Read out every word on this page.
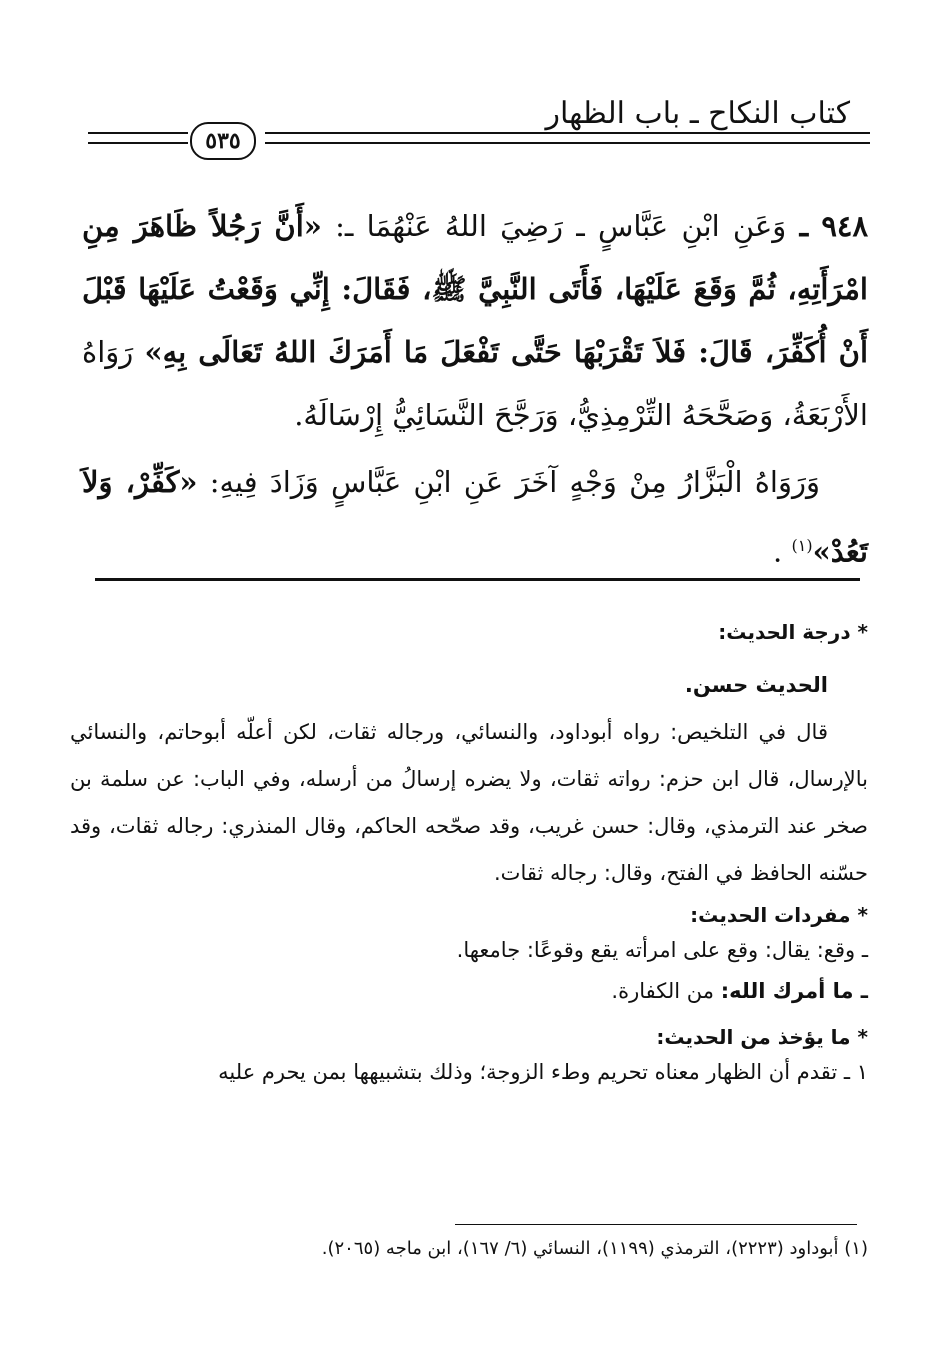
كتاب النكاح ـ باب الظهار
٥٣٥

٩٤٨ ـ وَعَنِ ابْنِ عَبَّاسٍ ـ رَضِيَ اللهُ عَنْهُمَا ـ: «أَنَّ رَجُلاً ظَاهَرَ مِنِ امْرَأَتِهِ، ثُمَّ وَقَعَ عَلَيْهَا، فَأَتَى النَّبِيَّ ﷺ، فَقَالَ: إِنِّي وَقَعْتُ عَلَيْهَا قَبْلَ أَنْ أُكَفِّرَ، قَالَ: فَلاَ تَقْرَبْهَا حَتَّى تَفْعَلَ مَا أَمَرَكَ اللهُ تَعَالَى بِهِ» رَوَاهُ الأَرْبَعَةُ، وَصَحَّحَهُ التِّرْمِذِيُّ، وَرَجَّحَ النَّسَائِيُّ إِرْسَالَهُ.

وَرَوَاهُ الْبَزَّارُ مِنْ وَجْهٍ آخَرَ عَنِ ابْنِ عَبَّاسٍ وَزَادَ فِيهِ: «كَفِّرْ، وَلاَ تَعُدْ»$^{(١)}$ .

* درجة الحديث:

الحديث حسن.

قال في التلخيص: رواه أبوداود، والنسائي، ورجاله ثقات، لكن أعلّه أبوحاتم، والنسائي بالإرسال، قال ابن حزم: رواته ثقات، ولا يضره إرسالُ من أرسله، وفي الباب: عن سلمة بن صخر عند الترمذي، وقال: حسن غريب، وقد صحّحه الحاكم، وقال المنذري: رجاله ثقات، وقد حسّنه الحافظ في الفتح، وقال: رجاله ثقات.

* مفردات الحديث:

ـ وقع: يقال: وقع على امرأته يقع وقوعًا: جامعها.

ـ ما أمرك الله: من الكفارة.

* ما يؤخذ من الحديث:

١ ـ تقدم أن الظهار معناه تحريم وطء الزوجة؛ وذلك بتشبيهها بمن يحرم عليه

(١) أبوداود (٢٢٢٣)، الترمذي (١١٩٩)، النسائي (٦/ ١٦٧)، ابن ماجه (٢٠٦٥).
